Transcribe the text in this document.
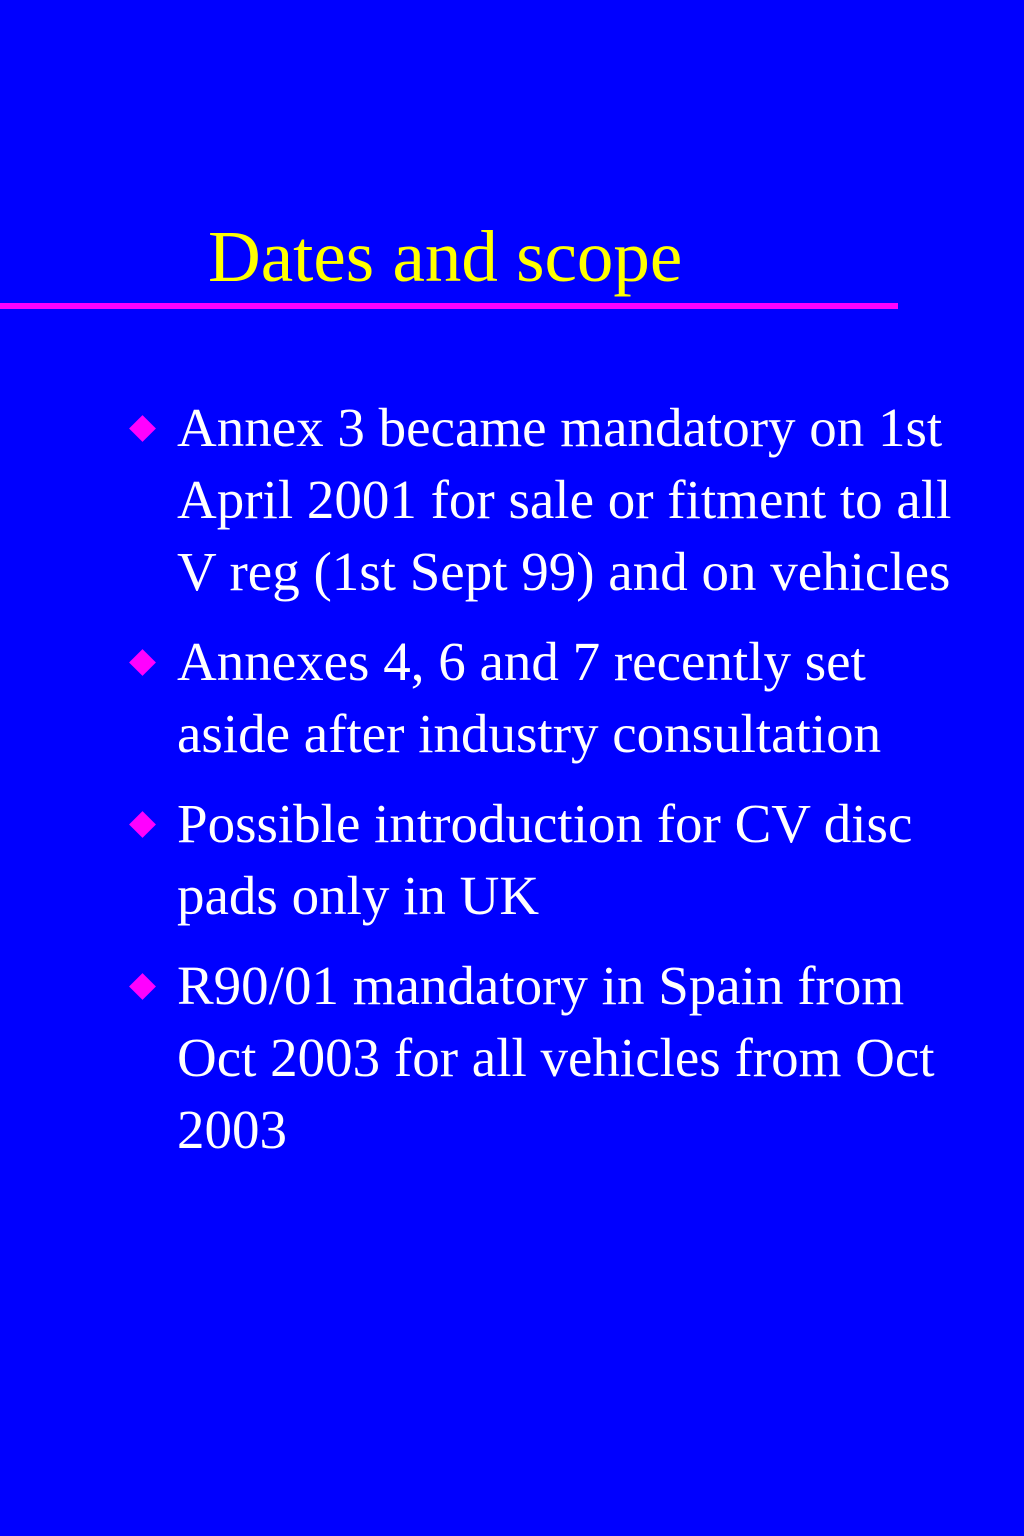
Dates and scope
Annex 3 became mandatory on 1st April 2001 for sale or fitment to all V reg (1st Sept 99) and on vehicles
Annexes 4, 6 and 7 recently set aside after industry consultation
Possible introduction for CV disc pads only in UK
R90/01 mandatory in Spain from Oct 2003 for all vehicles from Oct 2003
